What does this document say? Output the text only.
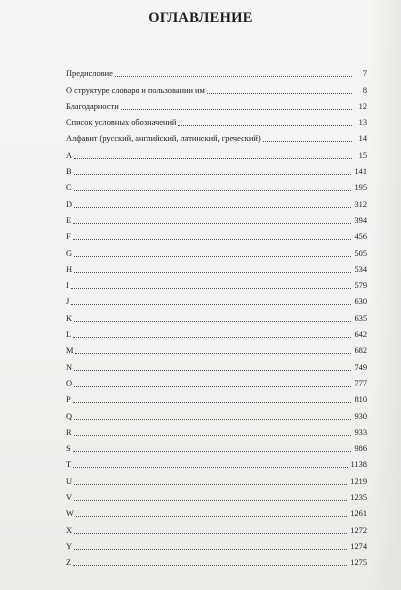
ОГЛАВЛЕНИЕ
Предисловие	7
О структуре словаря и пользовании им	8
Благодарности	12
Список условных обозначений	13
Алфавит (русский, английский, латинский, греческий)	14
A	15
B	141
C	195
D	312
E	394
F	456
G	505
H	534
I	579
J	630
K	635
L	642
M	682
N	749
O	777
P	810
Q	930
R	933
S	986
T	1138
U	1219
V	1235
W	1261
X	1272
Y	1274
Z	1275
